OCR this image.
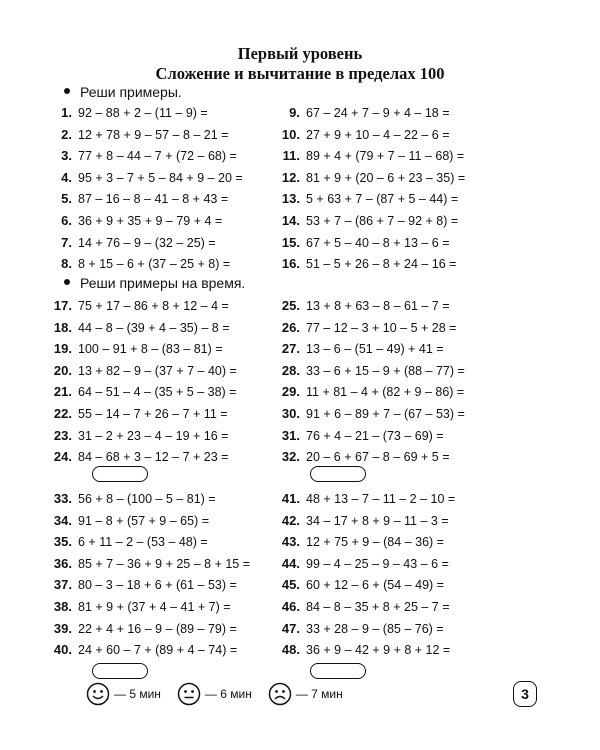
Первый уровень
Сложение и вычитание в пределах 100
Реши примеры.
Реши примеры на время.
1. 92 – 88 + 2 – (11 – 9) =
2. 12 + 78 + 9 – 57 – 8 – 21 =
3. 77 + 8 – 44 – 7 + (72 – 68) =
4. 95 + 3 – 7 + 5 – 84 + 9 – 20 =
5. 87 – 16 – 8 – 41 – 8 + 43 =
6. 36 + 9 + 35 + 9 – 79 + 4 =
7. 14 + 76 – 9 – (32 – 25) =
8. 8 + 15 – 6 + (37 – 25 + 8) =
9. 67 – 24 + 7 – 9 + 4 – 18 =
10. 27 + 9 + 10 – 4 – 22 – 6 =
11. 89 + 4 + (79 + 7 – 11 – 68) =
12. 81 + 9 + (20 – 6 + 23 – 35) =
13. 5 + 63 + 7 – (87 + 5 – 44) =
14. 53 + 7 – (86 + 7 – 92 + 8) =
15. 67 + 5 – 40 – 8 + 13 – 6 =
16. 51 – 5 + 26 – 8 + 24 – 16 =
17. 75 + 17 – 86 + 8 + 12 – 4 =
18. 44 – 8 – (39 + 4 – 35) – 8 =
19. 100 – 91 + 8 – (83 – 81) =
20. 13 + 82 – 9 – (37 + 7 – 40) =
21. 64 – 51 – 4 – (35 + 5 – 38) =
22. 55 – 14 – 7 + 26 – 7 + 11 =
23. 31 – 2 + 23 – 4 – 19 + 16 =
24. 84 – 68 + 3 – 12 – 7 + 23 =
25. 13 + 8 + 63 – 8 – 61 – 7 =
26. 77 – 12 – 3 + 10 – 5 + 28 =
27. 13 – 6 – (51 – 49) + 41 =
28. 33 – 6 + 15 – 9 + (88 – 77) =
29. 11 + 81 – 4 + (82 + 9 – 86) =
30. 91 + 6 – 89 + 7 – (67 – 53) =
31. 76 + 4 – 21 – (73 – 69) =
32. 20 – 6 + 67 – 8 – 69 + 5 =
33. 56 + 8 – (100 – 5 – 81) =
34. 91 – 8 + (57 + 9 – 65) =
35. 6 + 11 – 2 – (53 – 48) =
36. 85 + 7 – 36 + 9 + 25 – 8 + 15 =
37. 80 – 3 – 18 + 6 + (61 – 53) =
38. 81 + 9 + (37 + 4 – 41 + 7) =
39. 22 + 4 + 16 – 9 – (89 – 79) =
40. 24 + 60 – 7 + (89 + 4 – 74) =
41. 48 + 13 – 7 – 11 – 2 – 10 =
42. 34 – 17 + 8 + 9 – 11 – 3 =
43. 12 + 75 + 9 – (84 – 36) =
44. 99 – 4 – 25 – 9 – 43 – 6 =
45. 60 + 12 – 6 + (54 – 49) =
46. 84 – 8 – 35 + 8 + 25 – 7 =
47. 33 + 28 – 9 – (85 – 76) =
48. 36 + 9 – 42 + 9 + 8 + 12 =
— 5 мин	— 6 мин	— 7 мин	3
